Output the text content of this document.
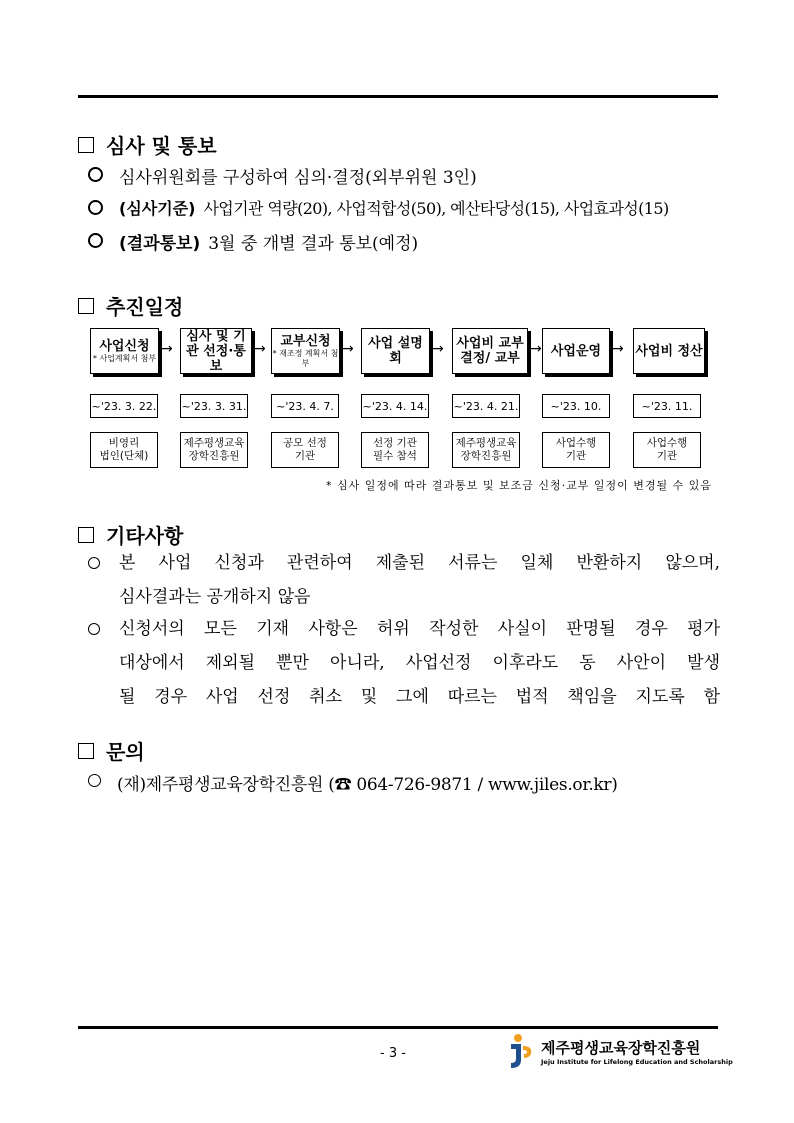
심사 및 통보
심사위원회를 구성하여 심의·결정(외부위원 3인)
(심사기준) 사업기관 역량(20), 사업적합성(50), 예산타당성(15), 사업효과성(15)
(결과통보) 3월 중 개별 결과 통보(예정)
추진일정
사업신청
* 사업계획서 첨부
→
~'23. 3. 22.
비영리
법인(단체)
심사 및 기관 선정·통보
→
~'23. 3. 31.
제주평생교육
장학진흥원
교부신청
* 재조정 계획서 첨부
→
~'23. 4. 7.
공모 선정
기관
사업 설명회
→
~'23. 4. 14.
선정 기관
필수 참석
사업비 교부결정/ 교부
→
~'23. 4. 21.
제주평생교육
장학진흥원
사업운영 →
~'23. 10.
사업수행
기관
사업비 정산
~'23. 11.
사업수행
기관
* 심사 일정에 따라 결과통보 및 보조금 신청·교부 일정이 변경될 수 있음
기타사항
본 사업 신청과 관련하여 제출된 서류는 일체 반환하지 않으며,
심사결과는 공개하지 않음
신청서의 모든 기재 사항은 허위 작성한 사실이 판명될 경우 평가
대상에서 제외될 뿐만 아니라, 사업선정 이후라도 동 사안이 발생
될 경우 사업 선정 취소 및 그에 따르는 법적 책임을 지도록 함
문의
(재)제주평생교육장학진흥원 (☎ 064-726-9871 / www.jiles.or.kr)
- 3 -	제주평생교육장학진흥원
Jeju Institute for Lifelong Education and Scholarship
